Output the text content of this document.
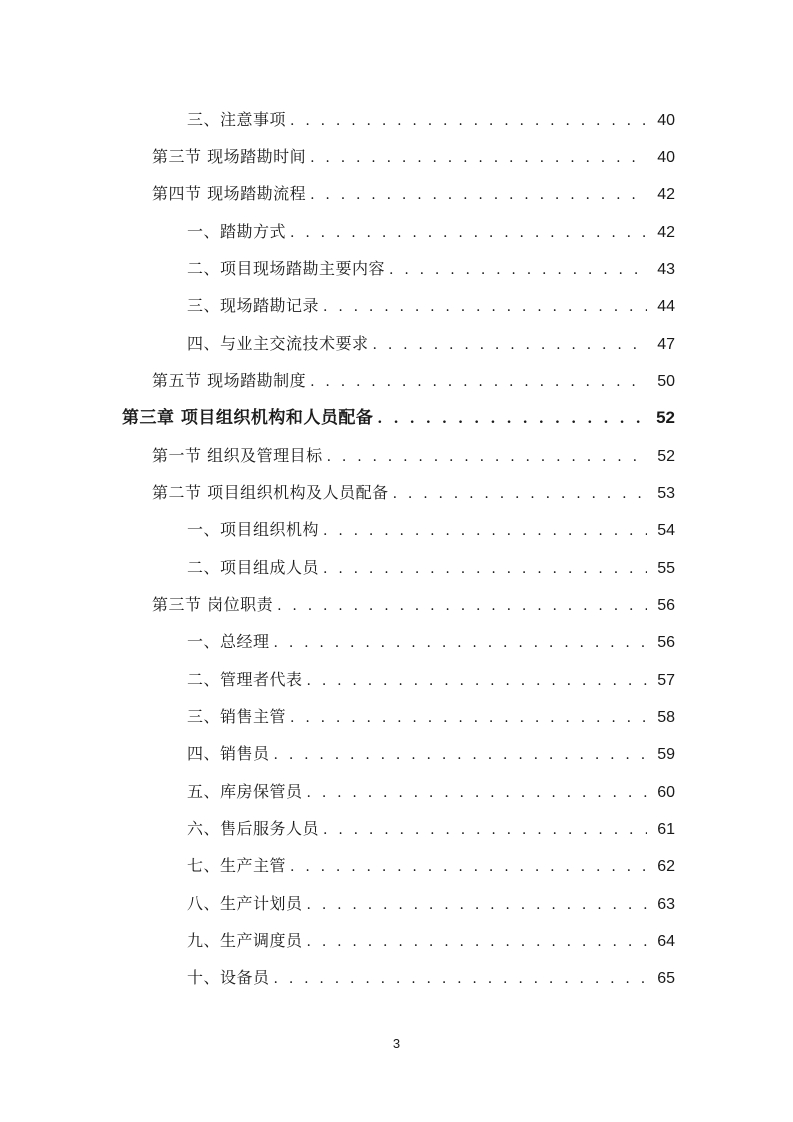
三、注意事项 . . .	40
第三节 现场踏勘时间 . . .	40
第四节 现场踏勘流程 . . .	42
一、踏勘方式 . . .	42
二、项目现场踏勘主要内容 . . .	43
三、现场踏勘记录 . . .	44
四、与业主交流技术要求 . . .	47
第五节 现场踏勘制度 . . .	50
第三章 项目组织机构和人员配备 . . .	52
第一节 组织及管理目标 . . .	52
第二节 项目组织机构及人员配备 . . .	53
一、项目组织机构 . . .	54
二、项目组成人员 . . .	55
第三节 岗位职责 . . .	56
一、总经理 . . .	56
二、管理者代表 . . .	57
三、销售主管 . . .	58
四、销售员 . . .	59
五、库房保管员 . . .	60
六、售后服务人员 . . .	61
七、生产主管 . . .	62
八、生产计划员 . . .	63
九、生产调度员 . . .	64
十、设备员 . . .	65
3
